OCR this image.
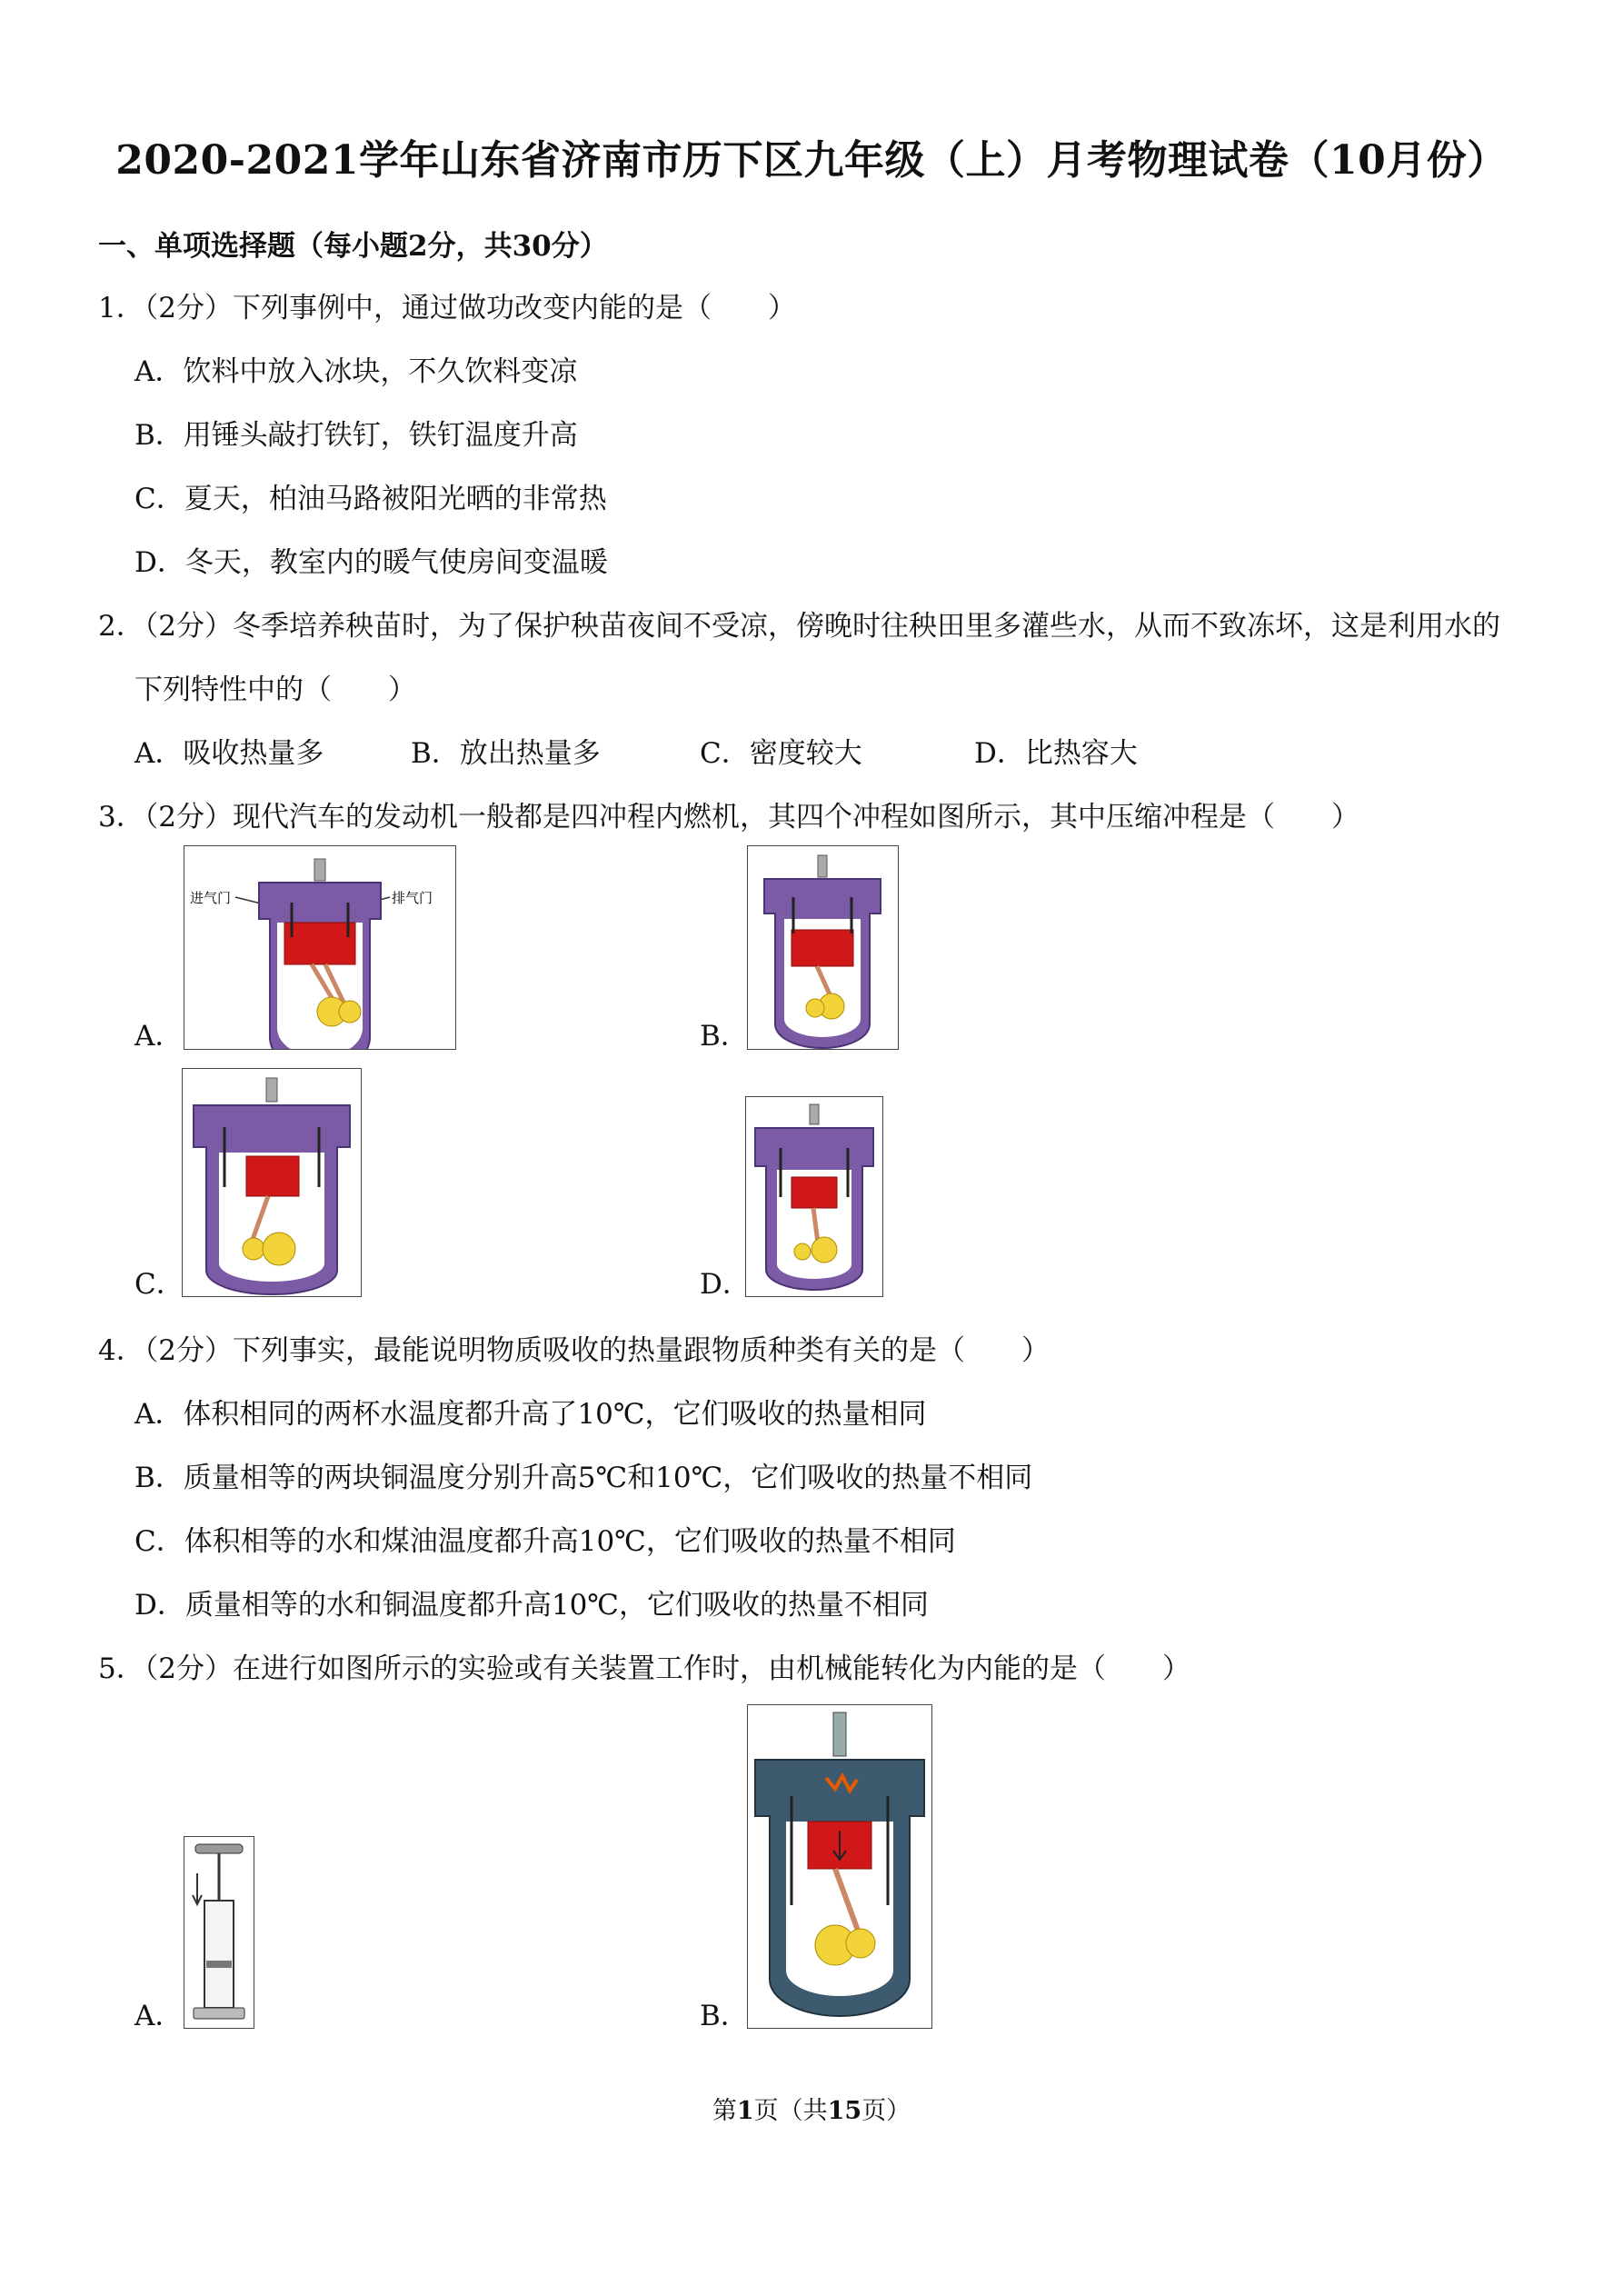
2020-2021学年山东省济南市历下区九年级（上）月考物理试卷（10月份）
一、单项选择题（每小题2分，共30分）
1．（2分）下列事例中，通过做功改变内能的是（　　）
A．饮料中放入冰块，不久饮料变凉
B．用锤头敲打铁钉，铁钉温度升高
C．夏天，柏油马路被阳光晒的非常热
D．冬天，教室内的暖气使房间变温暖
2．（2分）冬季培养秧苗时，为了保护秧苗夜间不受凉，傍晚时往秧田里多灌些水，从而不致冻坏，这是利用水的
下列特性中的（　　）
A．吸收热量多	B．放出热量多	C．密度较大	D．比热容大
3．（2分）现代汽车的发动机一般都是四冲程内燃机，其四个冲程如图所示，其中压缩冲程是（　　）
进气门	排气门
A．	B．
C．	D．
4．（2分）下列事实，最能说明物质吸收的热量跟物质种类有关的是（　　）
A．体积相同的两杯水温度都升高了10℃，它们吸收的热量相同
B．质量相等的两块铜温度分别升高5℃和10℃，它们吸收的热量不相同
C．体积相等的水和煤油温度都升高10℃，它们吸收的热量不相同
D．质量相等的水和铜温度都升高10℃，它们吸收的热量不相同
5．（2分）在进行如图所示的实验或有关装置工作时，由机械能转化为内能的是（　　）
A．	B．
第1页（共15页）
